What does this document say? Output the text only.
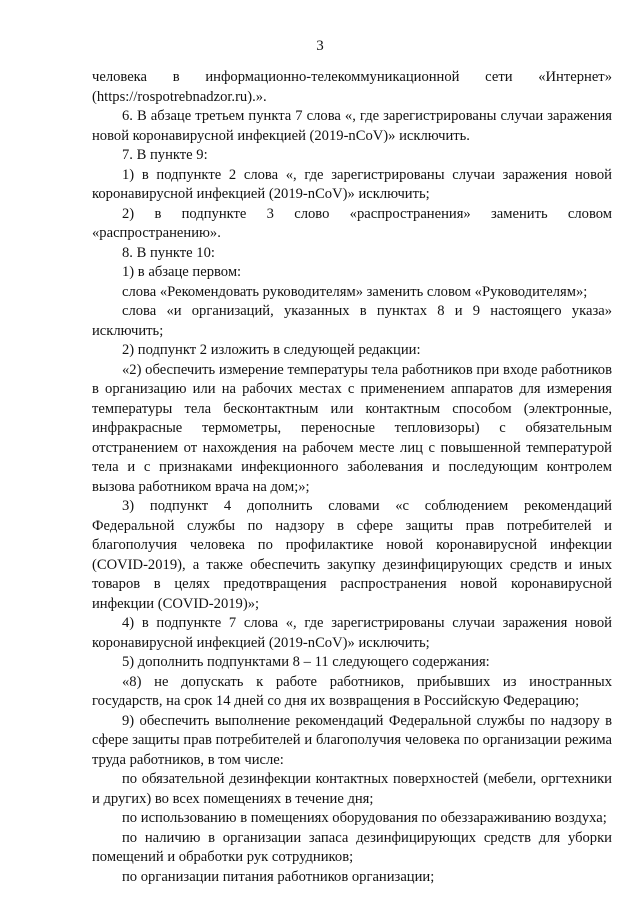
3

человека в информационно-телекоммуникационной сети «Интернет» (https://rospotrebnadzor.ru).».

6. В абзаце третьем пункта 7 слова «, где зарегистрированы случаи заражения новой коронавирусной инфекцией (2019-nCoV)» исключить.

7. В пункте 9:

1) в подпункте 2 слова «, где зарегистрированы случаи заражения новой коронавирусной инфекцией (2019-nCoV)» исключить;

2) в подпункте 3 слово «распространения» заменить словом «распространению».

8. В пункте 10:

1) в абзаце первом:

слова «Рекомендовать руководителям» заменить словом «Руководителям»;

слова «и организаций, указанных в пунктах 8 и 9 настоящего указа» исключить;

2) подпункт 2 изложить в следующей редакции:

«2) обеспечить измерение температуры тела работников при входе работников в организацию или на рабочих местах с применением аппаратов для измерения температуры тела бесконтактным или контактным способом (электронные, инфракрасные термометры, переносные тепловизоры) с обязательным отстранением от нахождения на рабочем месте лиц с повышенной температурой тела и с признаками инфекционного заболевания и последующим контролем вызова работником врача на дом;»;

3) подпункт 4 дополнить словами «с соблюдением рекомендаций Федеральной службы по надзору в сфере защиты прав потребителей и благополучия человека по профилактике новой коронавирусной инфекции (COVID-2019), а также обеспечить закупку дезинфицирующих средств и иных товаров в целях предотвращения распространения новой коронавирусной инфекции (COVID-2019)»;

4) в подпункте 7 слова «, где зарегистрированы случаи заражения новой коронавирусной инфекцией (2019-nCoV)» исключить;

5) дополнить подпунктами 8 – 11 следующего содержания:

«8) не допускать к работе работников, прибывших из иностранных государств, на срок 14 дней со дня их возвращения в Российскую Федерацию;

9) обеспечить выполнение рекомендаций Федеральной службы по надзору в сфере защиты прав потребителей и благополучия человека по организации режима труда работников, в том числе:

по обязательной дезинфекции контактных поверхностей (мебели, оргтехники и других) во всех помещениях в течение дня;

по использованию в помещениях оборудования по обеззараживанию воздуха;

по наличию в организации запаса дезинфицирующих средств для уборки помещений и обработки рук сотрудников;

по организации питания работников организации;
